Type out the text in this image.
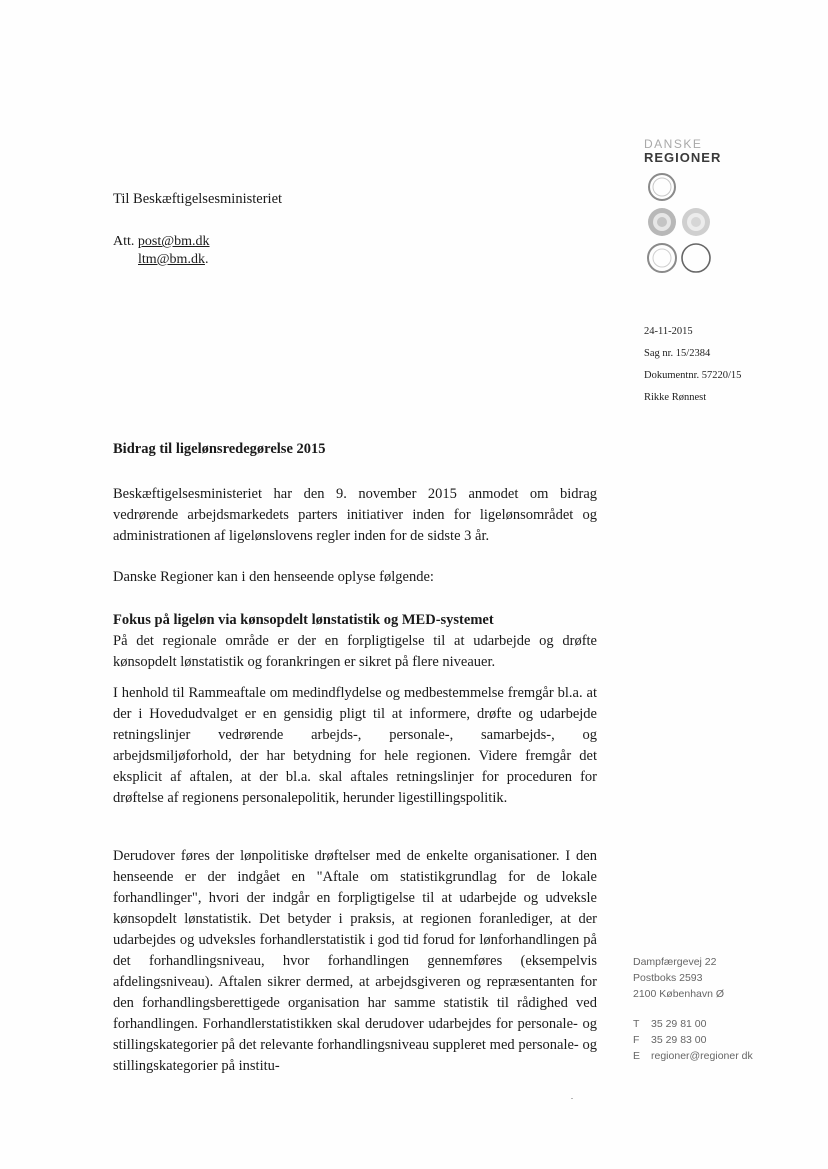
DANSKE
REGIONER
Til Beskæftigelsesministeriet
Att. post@bm.dk
ltm@bm.dk.
24-11-2015
Sag nr. 15/2384
Dokumentnr. 57220/15
Rikke Rønnest
Bidrag til ligelønsredegørelse 2015
Beskæftigelsesministeriet har den 9. november 2015 anmodet om bidrag vedrørende arbejdsmarkedets parters initiativer inden for ligelønsområdet og administrationen af ligelønslovens regler inden for de sidste 3 år.
Danske Regioner kan i den henseende oplyse følgende:
Fokus på ligeløn via kønsopdelt lønstatistik og MED-systemet
På det regionale område er der en forpligtigelse til at udarbejde og drøfte kønsopdelt lønstatistik og forankringen er sikret på flere niveauer.
I henhold til Rammeaftale om medindflydelse og medbestemmelse fremgår bl.a. at der i Hovedudvalget er en gensidig pligt til at informere, drøfte og udarbejde retningslinjer vedrørende arbejds-, personale-, samarbejds-, og arbejdsmiljøforhold, der har betydning for hele regionen. Videre fremgår det eksplicit af aftalen, at der bl.a. skal aftales retningslinjer for proceduren for drøftelse af regionens personalepolitik, herunder ligestillingspolitik.
Derudover føres der lønpolitiske drøftelser med de enkelte organisationer. I den henseende er der indgået en "Aftale om statistikgrundlag for de lokale forhandlinger", hvori der indgår en forpligtigelse til at udarbejde og udveksle kønsopdelt lønstatistik. Det betyder i praksis, at regionen foranlediger, at der udarbejdes og udveksles forhandlerstatistik i god tid forud for lønforhandlingen på det forhandlingsniveau, hvor forhandlingen gennemføres (eksempelvis afdelingsniveau). Aftalen sikrer dermed, at arbejdsgiveren og repræsentanten for den forhandlingsberettigede organisation har samme statistik til rådighed ved forhandlingen. Forhandlerstatistikken skal derudover udarbejdes for personale- og stillingskategorier på det relevante forhandlingsniveau suppleret med personale- og stillingskategorier på institu-
Dampfærgevej 22
Postboks 2593
2100 København Ø
T 35 29 81 00
F 35 29 83 00
E regioner@regioner dk
